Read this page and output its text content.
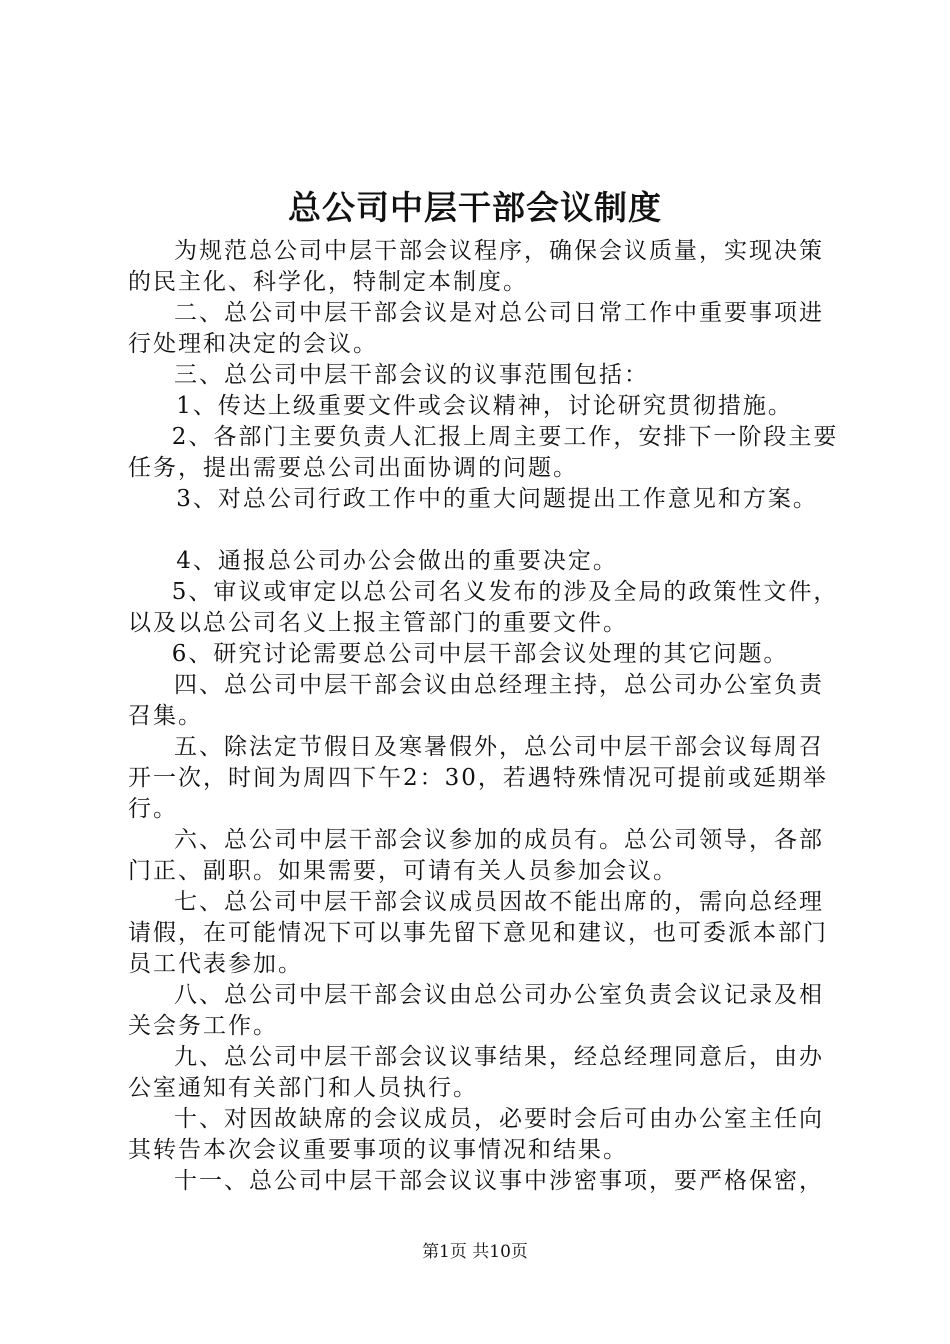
总公司中层干部会议制度

为规范总公司中层干部会议程序，确保会议质量，实现决策的民主化、科学化，特制定本制度。

二、总公司中层干部会议是对总公司日常工作中重要事项进行处理和决定的会议。

三、总公司中层干部会议的议事范围包括：

1、传达上级重要文件或会议精神，讨论研究贯彻措施。

2、各部门主要负责人汇报上周主要工作，安排下一阶段主要任务，提出需要总公司出面协调的问题。

3、对总公司行政工作中的重大问题提出工作意见和方案。

4、通报总公司办公会做出的重要决定。

5、审议或审定以总公司名义发布的涉及全局的政策性文件，以及以总公司名义上报主管部门的重要文件。

6、研究讨论需要总公司中层干部会议处理的其它问题。

四、总公司中层干部会议由总经理主持，总公司办公室负责召集。

五、除法定节假日及寒暑假外，总公司中层干部会议每周召开一次，时间为周四下午2：30，若遇特殊情况可提前或延期举行。

六、总公司中层干部会议参加的成员有。总公司领导，各部门正、副职。如果需要，可请有关人员参加会议。

七、总公司中层干部会议成员因故不能出席的，需向总经理请假，在可能情况下可以事先留下意见和建议，也可委派本部门员工代表参加。

八、总公司中层干部会议由总公司办公室负责会议记录及相关会务工作。

九、总公司中层干部会议议事结果，经总经理同意后，由办公室通知有关部门和人员执行。

十、对因故缺席的会议成员，必要时会后可由办公室主任向其转告本次会议重要事项的议事情况和结果。

十一、总公司中层干部会议议事中涉密事项，要严格保密，

第1页 共10页
